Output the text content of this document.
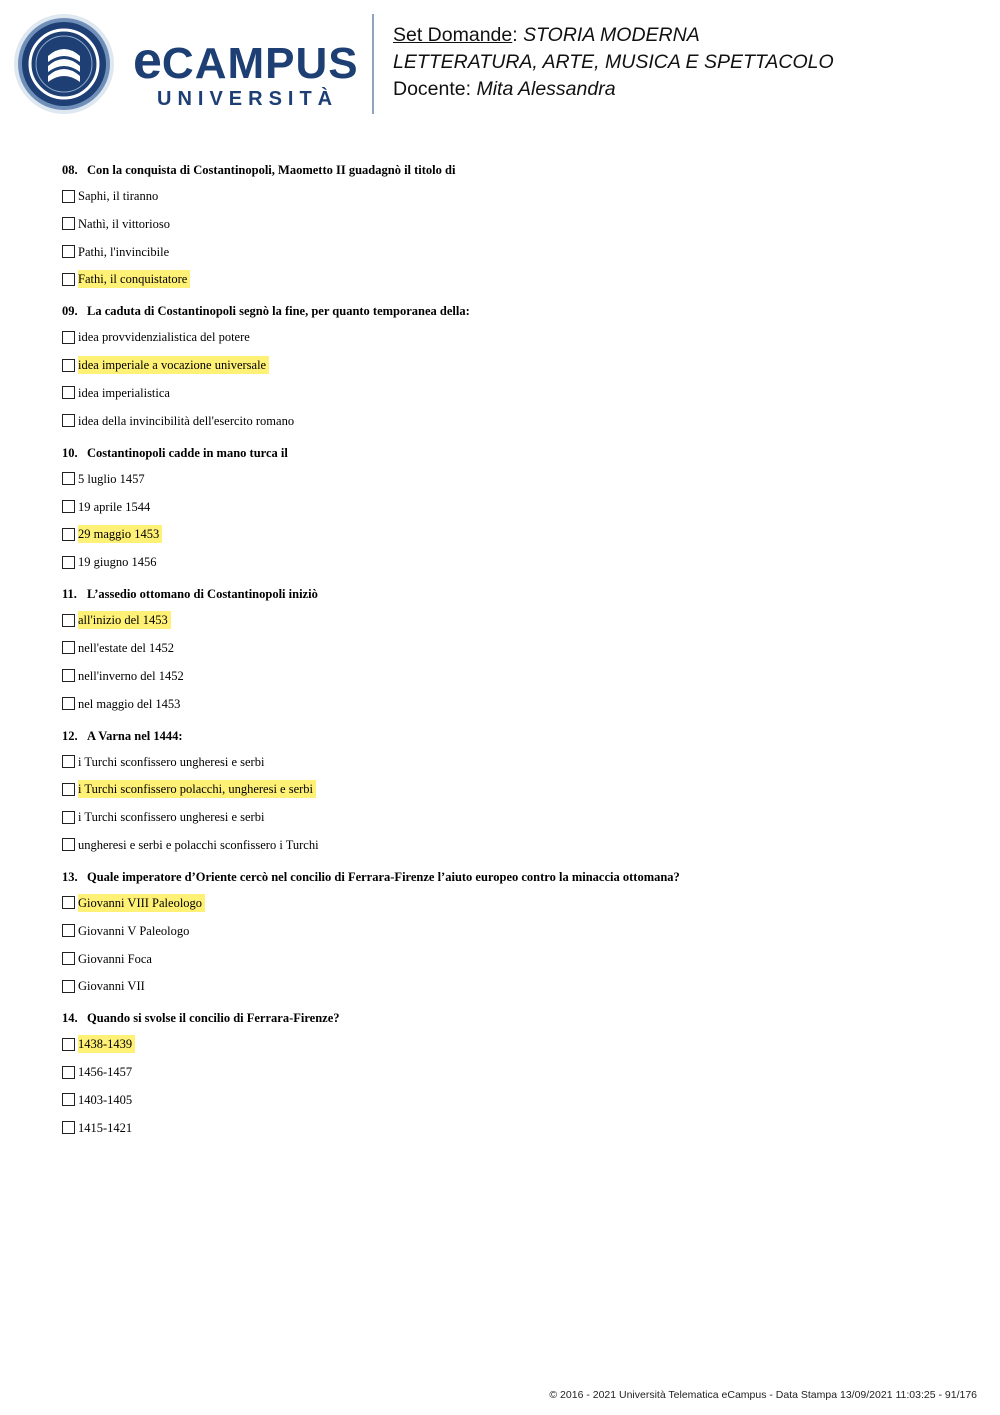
eCAMPUS
UNIVERSITÀ
Set Domande: STORIA MODERNA
LETTERATURA, ARTE, MUSICA E SPETTACOLO
Docente: Mita Alessandra
08. Con la conquista di Costantinopoli, Maometto II guadagnò il titolo di
Saphi, il tiranno
Nathì, il vittorioso
Pathi, l'invincibile
Fathi, il conquistatore
09. La caduta di Costantinopoli segnò la fine, per quanto temporanea della:
idea provvidenzialistica del potere
idea imperiale a vocazione universale
idea imperialistica
idea della invincibilità dell'esercito romano
10. Costantinopoli cadde in mano turca il
5 luglio 1457
19 aprile 1544
29 maggio 1453
19 giugno 1456
11. L’assedio ottomano di Costantinopoli iniziò
all'inizio del 1453
nell'estate del 1452
nell'inverno del 1452
nel maggio del 1453
12. A Varna nel 1444:
i Turchi sconfissero ungheresi e serbi
i Turchi sconfissero polacchi, ungheresi e serbi
i Turchi sconfissero ungheresi e serbi
ungheresi e serbi e polacchi sconfissero i Turchi
13. Quale imperatore d’Oriente cercò nel concilio di Ferrara-Firenze l’aiuto europeo contro la minaccia ottomana?
Giovanni VIII Paleologo
Giovanni V Paleologo
Giovanni Foca
Giovanni VII
14. Quando si svolse il concilio di Ferrara-Firenze?
1438-1439
1456-1457
1403-1405
1415-1421
© 2016 - 2021 Università Telematica eCampus - Data Stampa 13/09/2021 11:03:25 - 91/176
